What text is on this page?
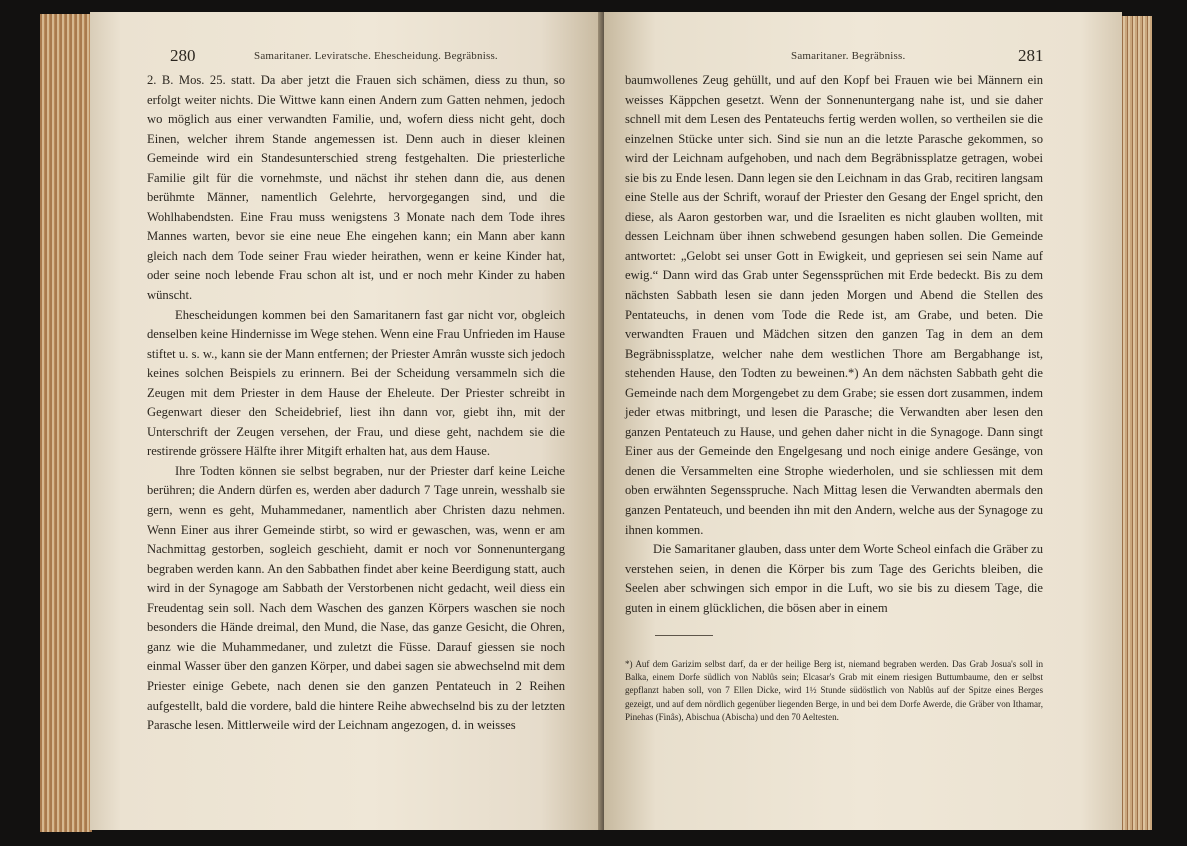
280	Samaritaner. Leviratsche. Ehescheidung. Begräbniss.

2. B. Mos. 25. statt. Da aber jetzt die Frauen sich schämen, diess zu thun, so erfolgt weiter nichts. Die Wittwe kann einen Andern zum Gatten nehmen, jedoch wo möglich aus einer verwandten Familie, und, wofern diess nicht geht, doch Einen, welcher ihrem Stande angemessen ist. Denn auch in dieser kleinen Gemeinde wird ein Standesunterschied streng festgehalten. Die priesterliche Familie gilt für die vornehmste, und nächst ihr stehen dann die, aus denen berühmte Männer, namentlich Gelehrte, hervorgegangen sind, und die Wohlhabendsten. Eine Frau muss wenigstens 3 Monate nach dem Tode ihres Mannes warten, bevor sie eine neue Ehe eingehen kann; ein Mann aber kann gleich nach dem Tode seiner Frau wieder heirathen, wenn er keine Kinder hat, oder seine noch lebende Frau schon alt ist, und er noch mehr Kinder zu haben wünscht.

Ehescheidungen kommen bei den Samaritanern fast gar nicht vor, obgleich denselben keine Hindernisse im Wege stehen. Wenn eine Frau Unfrieden im Hause stiftet u. s. w., kann sie der Mann entfernen; der Priester Amrân wusste sich jedoch keines solchen Beispiels zu erinnern. Bei der Scheidung versammeln sich die Zeugen mit dem Priester in dem Hause der Eheleute. Der Priester schreibt in Gegenwart dieser den Scheidebrief, liest ihn dann vor, giebt ihn, mit der Unterschrift der Zeugen versehen, der Frau, und diese geht, nachdem sie die restirende grössere Hälfte ihrer Mitgift erhalten hat, aus dem Hause.

Ihre Todten können sie selbst begraben, nur der Priester darf keine Leiche berühren; die Andern dürfen es, werden aber dadurch 7 Tage unrein, wesshalb sie gern, wenn es geht, Muhammedaner, namentlich aber Christen dazu nehmen. Wenn Einer aus ihrer Gemeinde stirbt, so wird er gewaschen, was, wenn er am Nachmittag gestorben, sogleich geschieht, damit er noch vor Sonnenuntergang begraben werden kann. An den Sabbathen findet aber keine Beerdigung statt, auch wird in der Synagoge am Sabbath der Verstorbenen nicht gedacht, weil diess ein Freudentag sein soll. Nach dem Waschen des ganzen Körpers waschen sie noch besonders die Hände dreimal, den Mund, die Nase, das ganze Gesicht, die Ohren, ganz wie die Muhammedaner, und zuletzt die Füsse. Darauf giessen sie noch einmal Wasser über den ganzen Körper, und dabei sagen sie abwechselnd mit dem Priester einige Gebete, nach denen sie den ganzen Pentateuch in 2 Reihen aufgestellt, bald die vordere, bald die hintere Reihe abwechselnd bis zu der letzten Parasche lesen. Mittlerweile wird der Leichnam angezogen, d. in weisses

Samaritaner. Begräbniss.	281

baumwollenes Zeug gehüllt, und auf den Kopf bei Frauen wie bei Männern ein weisses Käppchen gesetzt. Wenn der Sonnenuntergang nahe ist, und sie daher schnell mit dem Lesen des Pentateuchs fertig werden wollen, so vertheilen sie die einzelnen Stücke unter sich. Sind sie nun an die letzte Parasche gekommen, so wird der Leichnam aufgehoben, und nach dem Begräbnissplatze getragen, wobei sie bis zu Ende lesen. Dann legen sie den Leichnam in das Grab, recitiren langsam eine Stelle aus der Schrift, worauf der Priester den Gesang der Engel spricht, den diese, als Aaron gestorben war, und die Israeliten es nicht glauben wollten, mit dessen Leichnam über ihnen schwebend gesungen haben sollen. Die Gemeinde antwortet: „Gelobt sei unser Gott in Ewigkeit, und gepriesen sei sein Name auf ewig.“ Dann wird das Grab unter Segenssprüchen mit Erde bedeckt. Bis zu dem nächsten Sabbath lesen sie dann jeden Morgen und Abend die Stellen des Pentateuchs, in denen vom Tode die Rede ist, am Grabe, und beten. Die verwandten Frauen und Mädchen sitzen den ganzen Tag in dem an dem Begräbnissplatze, welcher nahe dem westlichen Thore am Bergabhange ist, stehenden Hause, den Todten zu beweinen.*) An dem nächsten Sabbath geht die Gemeinde nach dem Morgengebet zu dem Grabe; sie essen dort zusammen, indem jeder etwas mitbringt, und lesen die Parasche; die Verwandten aber lesen den ganzen Pentateuch zu Hause, und gehen daher nicht in die Synagoge. Dann singt Einer aus der Gemeinde den Engelgesang und noch einige andere Gesänge, von denen die Versammelten eine Strophe wiederholen, und sie schliessen mit dem oben erwähnten Segensspruche. Nach Mittag lesen die Verwandten abermals den ganzen Pentateuch, und beenden ihn mit den Andern, welche aus der Synagoge zu ihnen kommen.

Die Samaritaner glauben, dass unter dem Worte Scheol einfach die Gräber zu verstehen seien, in denen die Körper bis zum Tage des Gerichts bleiben, die Seelen aber schwingen sich empor in die Luft, wo sie bis zu diesem Tage, die guten in einem glücklichen, die bösen aber in einem

*) Auf dem Garizim selbst darf, da er der heilige Berg ist, niemand begraben werden. Das Grab Josua's soll in Balka, einem Dorfe südlich von Nablûs sein; Elcasar's Grab mit einem riesigen Buttumbaume, den er selbst gepflanzt haben soll, von 7 Ellen Dicke, wird 1½ Stunde südöstlich von Nablûs auf der Spitze eines Berges gezeigt, und auf dem nördlich gegenüber liegenden Berge, in und bei dem Dorfe Awerde, die Gräber von Ithamar, Pinehas (Finâs), Abischua (Abischa) und den 70 Aeltesten.
